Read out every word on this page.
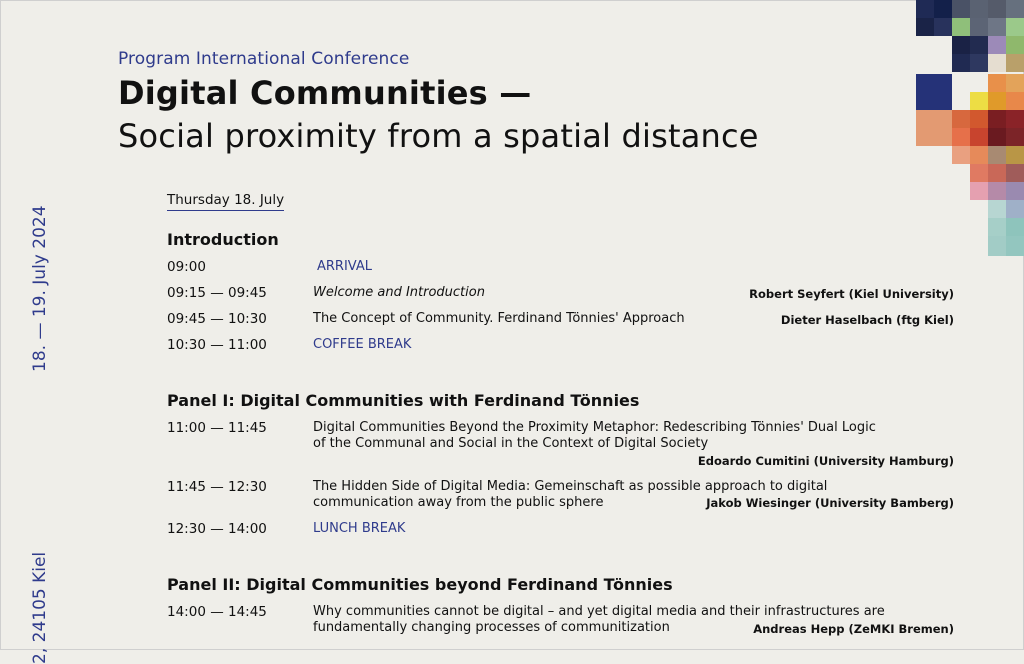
Program International Conference
Digital Communities —
Social proximity from a spatial distance
18. — 19. July 2024
2, 24105 Kiel
Thursday 18. July
Introduction
09:00	ARRIVAL
09:15 — 09:45	Welcome and Introduction	Robert Seyfert (Kiel University)
09:45 — 10:30	The Concept of Community. Ferdinand Tönnies' Approach	Dieter Haselbach (ftg Kiel)
10:30 — 11:00	COFFEE BREAK
Panel I: Digital Communities with Ferdinand Tönnies
11:00 — 11:45	Digital Communities Beyond the Proximity Metaphor: Redescribing Tönnies' Dual Logic
of the Communal and Social in the Context of Digital Society
Edoardo Cumitini (University Hamburg)
11:45 — 12:30	The Hidden Side of Digital Media: Gemeinschaft as possible approach to digital
communication away from the public sphere	Jakob Wiesinger (University Bamberg)
12:30 — 14:00	LUNCH BREAK
Panel II: Digital Communities beyond Ferdinand Tönnies
14:00 — 14:45	Why communities cannot be digital – and yet digital media and their infrastructures are
fundamentally changing processes of communitization	Andreas Hepp (ZeMKI Bremen)
